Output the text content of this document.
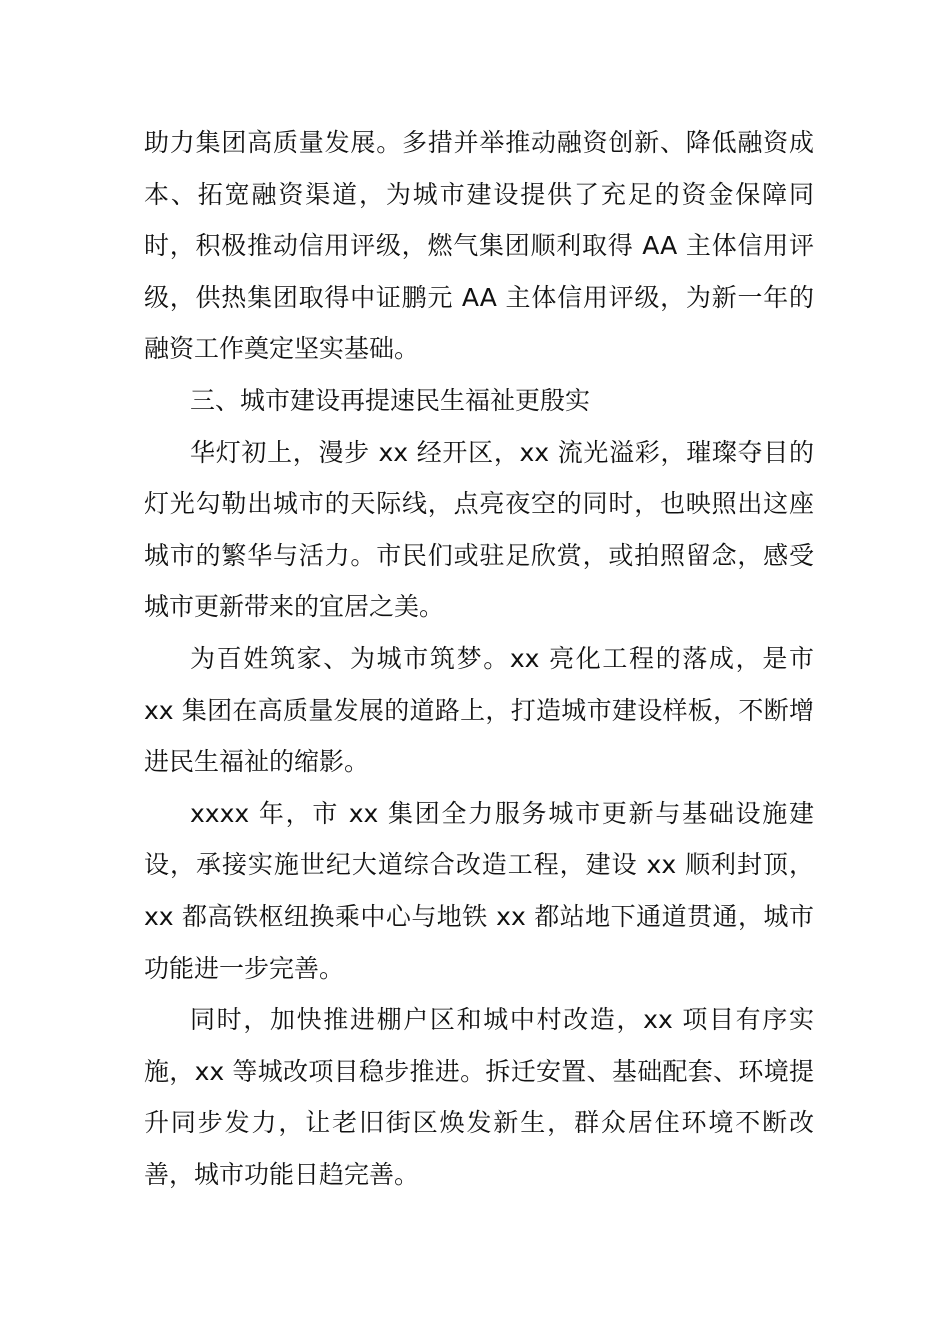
助力集团高质量发展。多措并举推动融资创新、降低融资成本、拓宽融资渠道，为城市建设提供了充足的资金保障同时，积极推动信用评级，燃气集团顺利取得 AA 主体信用评级，供热集团取得中证鹏元 AA 主体信用评级，为新一年的融资工作奠定坚实基础。

三、城市建设再提速民生福祉更殷实

华灯初上，漫步 xx 经开区，xx 流光溢彩，璀璨夺目的灯光勾勒出城市的天际线，点亮夜空的同时，也映照出这座城市的繁华与活力。市民们或驻足欣赏，或拍照留念，感受城市更新带来的宜居之美。

为百姓筑家、为城市筑梦。xx 亮化工程的落成，是市 xx 集团在高质量发展的道路上，打造城市建设样板，不断增进民生福祉的缩影。

xxxx 年，市 xx 集团全力服务城市更新与基础设施建设，承接实施世纪大道综合改造工程，建设 xx 顺利封顶，xx 都高铁枢纽换乘中心与地铁 xx 都站地下通道贯通，城市功能进一步完善。

同时，加快推进棚户区和城中村改造，xx 项目有序实施，xx 等城改项目稳步推进。拆迁安置、基础配套、环境提升同步发力，让老旧街区焕发新生，群众居住环境不断改善，城市功能日趋完善。
